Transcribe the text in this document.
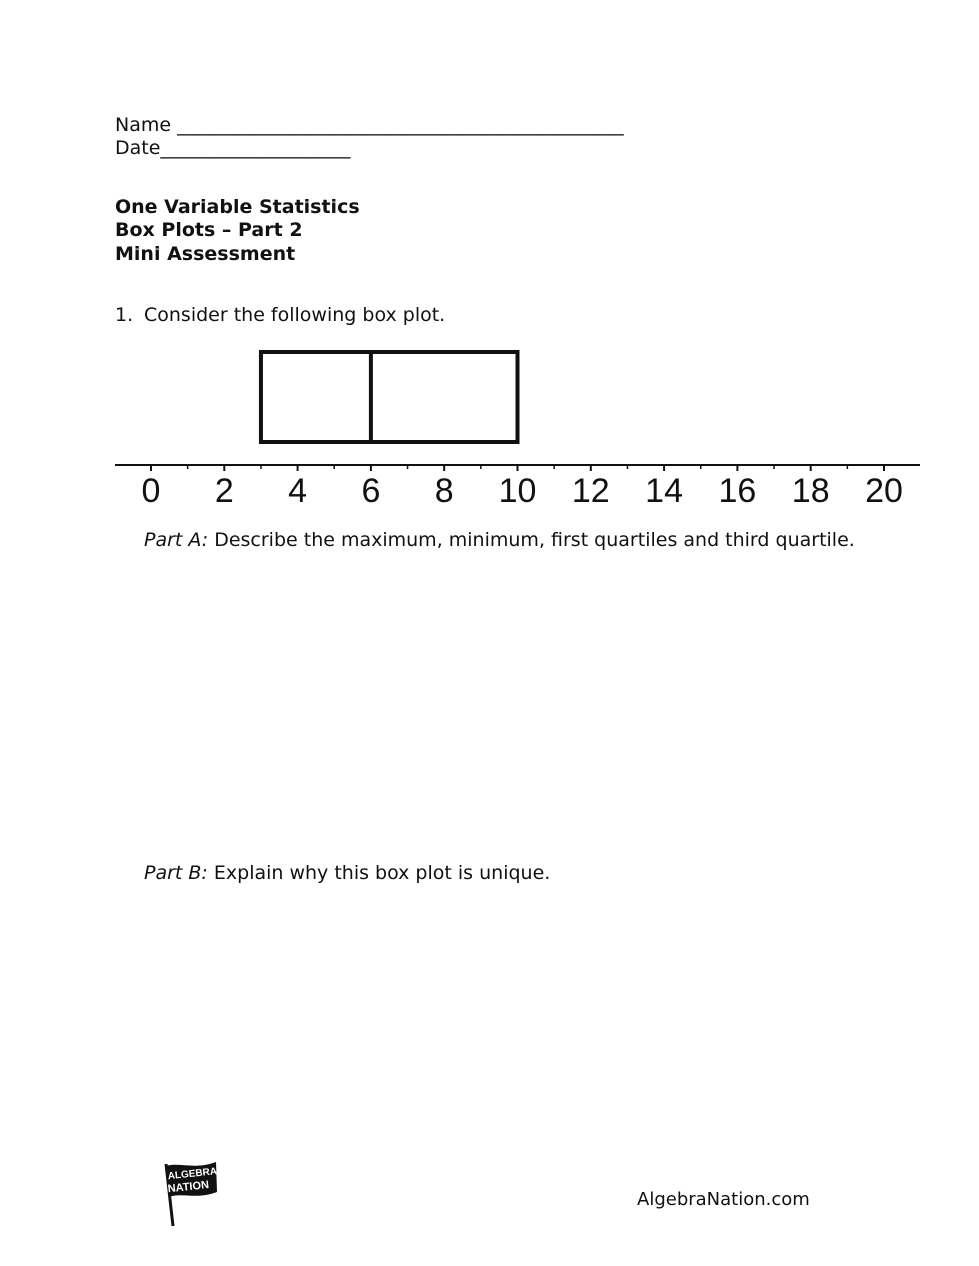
Name _______________________________________________
Date____________________
One Variable Statistics
Box Plots – Part 2
Mini Assessment
1. Consider the following box plot.
0 2 4 6 8 10 12 14 16 18 20
Part A: Describe the maximum, minimum, first quartiles and third quartile.
Part B: Explain why this box plot is unique.
ALGEBRA
NATION
AlgebraNation.com
